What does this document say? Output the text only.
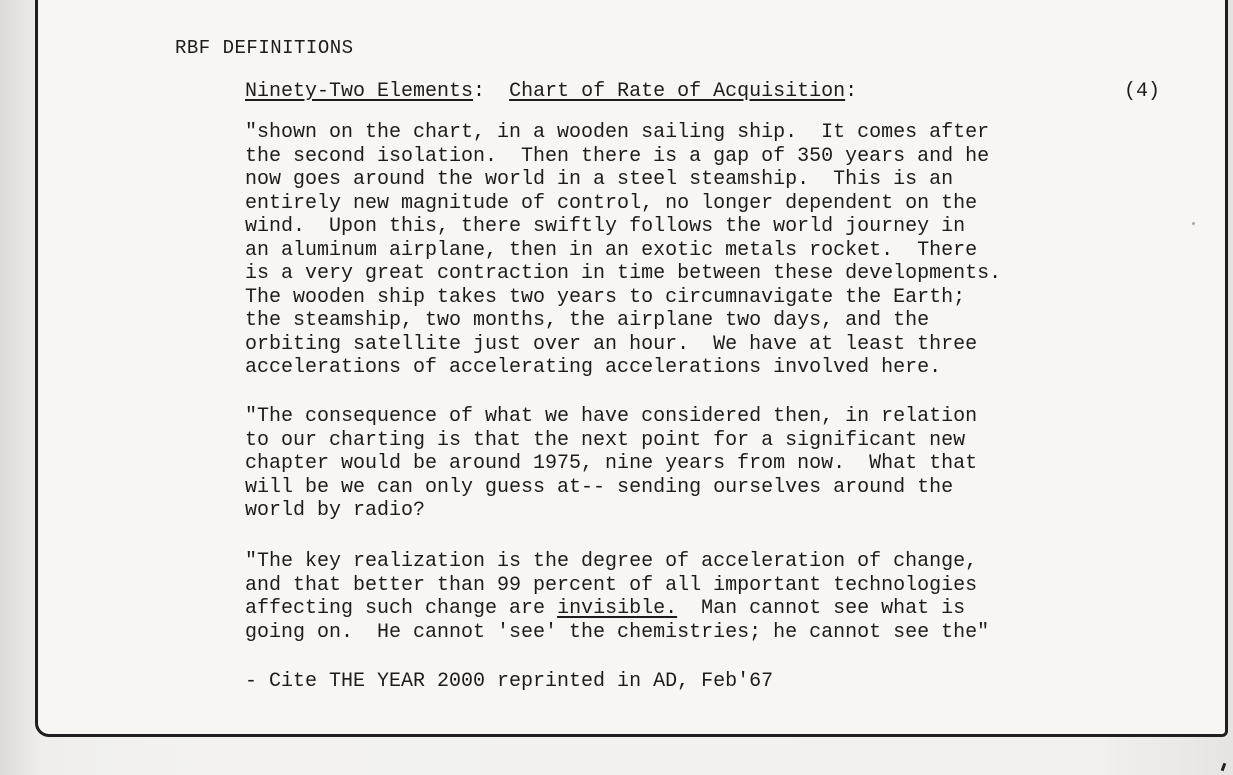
RBF DEFINITIONS
Ninety-Two Elements:  Chart of Rate of Acquisition:	(4)
"shown on the chart, in a wooden sailing ship.  It comes after
the second isolation.  Then there is a gap of 350 years and he
now goes around the world in a steel steamship.  This is an
entirely new magnitude of control, no longer dependent on the
wind.  Upon this, there swiftly follows the world journey in
an aluminum airplane, then in an exotic metals rocket.  There
is a very great contraction in time between these developments.
The wooden ship takes two years to circumnavigate the Earth;
the steamship, two months, the airplane two days, and the
orbiting satellite just over an hour.  We have at least three
accelerations of accelerating accelerations involved here.
"The consequence of what we have considered then, in relation
to our charting is that the next point for a significant new
chapter would be around 1975, nine years from now.  What that
will be we can only guess at-- sending ourselves around the
world by radio?
"The key realization is the degree of acceleration of change,
and that better than 99 percent of all important technologies
affecting such change are invisible.  Man cannot see what is
going on.  He cannot 'see' the chemistries; he cannot see the"
- Cite THE YEAR 2000 reprinted in AD, Feb'67
